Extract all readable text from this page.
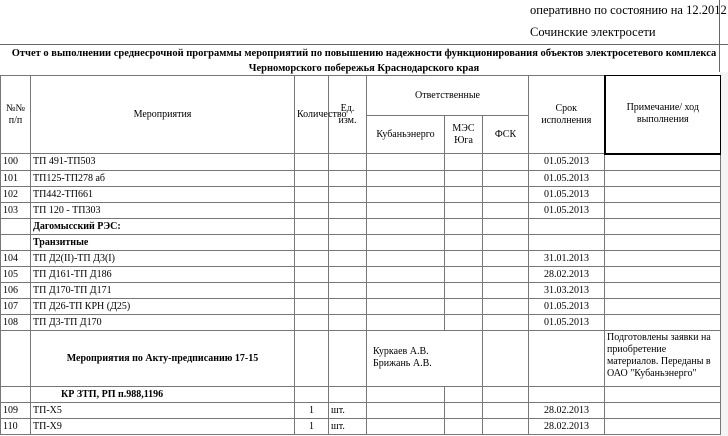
оперативно по состоянию на 12.2012
Сочинские электросети
Отчет о выполнении среднесрочной программы мероприятий по повышению надежности функционирования объектов электросетевого комплекса
Черноморского побережья Краснодарского края
№№ п/п	Мероприятия	Количество	Ед. изм.	Ответственные			Срок исполнения	Примечание/ ход выполнения
				Кубаньэнерго	МЭС Юга	ФСК		
100	ТП 491-ТП503						01.05.2013	
101	ТП125-ТП278 аб						01.05.2013	
102	ТП442-ТП661						01.05.2013	
103	ТП 120 - ТП303						01.05.2013	
	Дагомысский РЭС:							
	Транзитные							
104	ТП Д2(II)-ТП Д3(I)						31.01.2013	
105	ТП Д161-ТП Д186						28.02.2013	
106	ТП Д170-ТП Д171						31.03.2013	
107	ТП Д26-ТП КРН (Д25)						01.05.2013	
108	ТП Д3-ТП Д170						01.05.2013	
	Мероприятия по Акту-предписанию 17-15			Куркаев А.В.
Брижань А.В.				Подготовлены заявки на приобретение материалов. Переданы в ОАО "Кубаньэнерго"
	КР ЗТП, РП п.988,1196							
109	ТП-Х5	1	шт.				28.02.2013	
110	ТП-Х9	1	шт.				28.02.2013	
